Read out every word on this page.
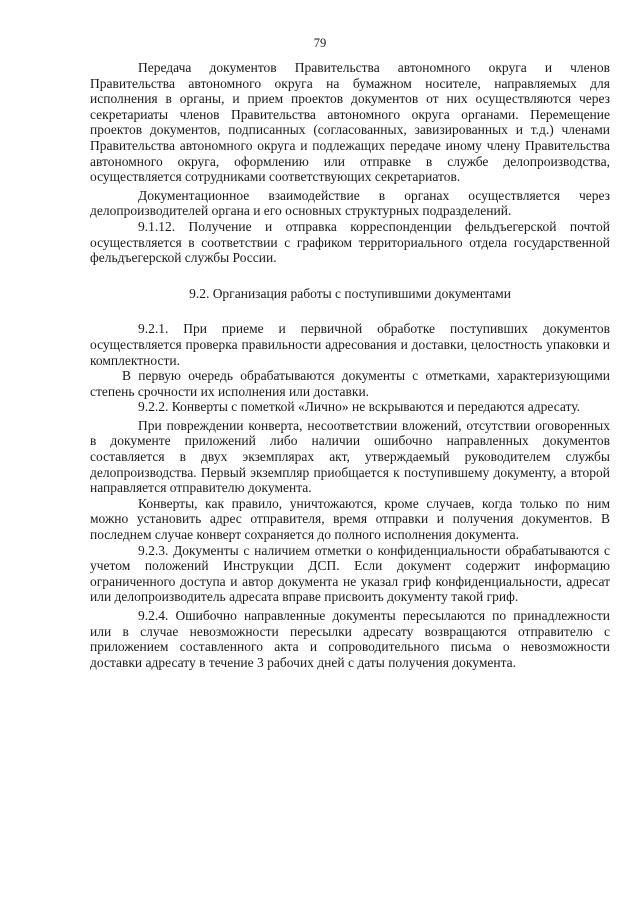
79

Передача документов Правительства автономного округа и членов Правительства автономного округа на бумажном носителе, направляемых для исполнения в органы, и прием проектов документов от них осуществляются через секретариаты членов Правительства автономного округа органами. Перемещение проектов документов, подписанных (согласованных, завизированных и т.д.) членами Правительства автономного округа и подлежащих передаче иному члену Правительства автономного округа, оформлению или отправке в службе делопроизводства, осуществляется сотрудниками соответствующих секретариатов.

Документационное взаимодействие в органах осуществляется через делопроизводителей органа и его основных структурных подразделений.

9.1.12. Получение и отправка корреспонденции фельдъегерской почтой осуществляется в соответствии с графиком территориального отдела государственной фельдъегерской службы России.

9.2. Организация работы с поступившими документами

9.2.1. При приеме и первичной обработке поступивших документов осуществляется проверка правильности адресования и доставки, целостность упаковки и комплектности.

В первую очередь обрабатываются документы с отметками, характеризующими степень срочности их исполнения или доставки.

9.2.2. Конверты с пометкой «Лично» не вскрываются и передаются адресату.

При повреждении конверта, несоответствии вложений, отсутствии оговоренных в документе приложений либо наличии ошибочно направленных документов составляется в двух экземплярах акт, утверждаемый руководителем службы делопроизводства. Первый экземпляр приобщается к поступившему документу, а второй направляется отправителю документа.

Конверты, как правило, уничтожаются, кроме случаев, когда только по ним можно установить адрес отправителя, время отправки и получения документов. В последнем случае конверт сохраняется до полного исполнения документа.

9.2.3. Документы с наличием отметки о конфиденциальности обрабатываются с учетом положений Инструкции ДСП. Если документ содержит информацию ограниченного доступа и автор документа не указал гриф конфиденциальности, адресат или делопроизводитель адресата вправе присвоить документу такой гриф.

9.2.4. Ошибочно направленные документы пересылаются по принадлежности или в случае невозможности пересылки адресату возвращаются отправителю с приложением составленного акта и сопроводительного письма о невозможности доставки адресату в течение 3 рабочих дней с даты получения документа.
